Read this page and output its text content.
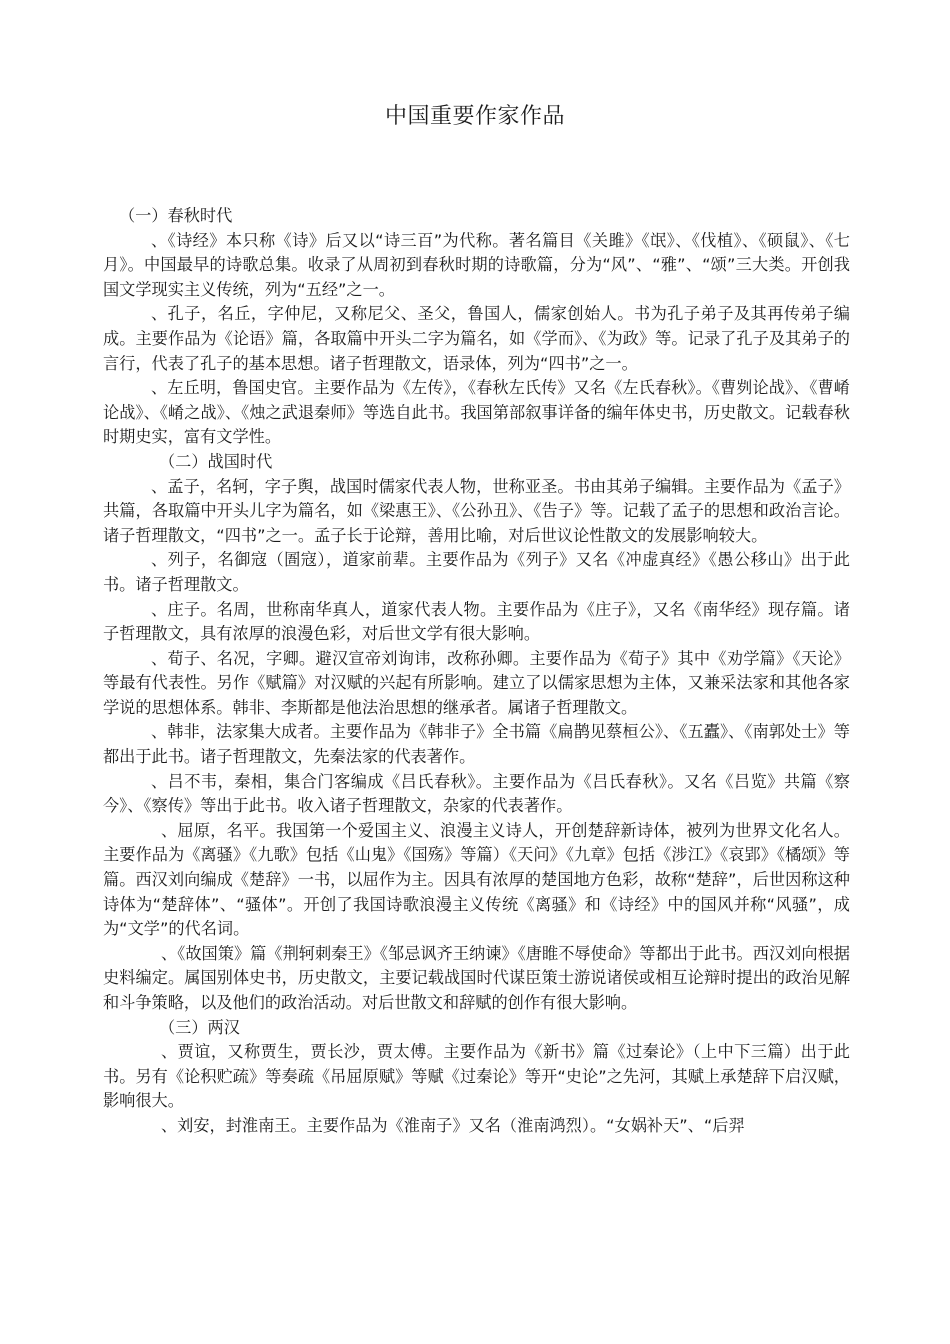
中国重要作家作品
（一）春秋时代

、《诗经》本只称《诗》后又以“诗三百”为代称。著名篇目《关雎》《氓》、《伐植》、《硕鼠》、《七月》。中国最早的诗歌总集。收录了从周初到春秋时期的诗歌篇，分为“风”、“雅”、“颂”三大类。开创我国文学现实主义传统，列为“五经”之一。

、孔子，名丘，字仲尼，又称尼父、圣父，鲁国人，儒家创始人。书为孔子弟子及其再传弟子编成。主要作品为《论语》篇，各取篇中开头二字为篇名，如《学而》、《为政》等。记录了孔子及其弟子的言行，代表了孔子的基本思想。诸子哲理散文，语录体，列为“四书”之一。

、左丘明，鲁国史官。主要作品为《左传》，《春秋左氏传》又名《左氏春秋》。《曹刿论战》、《曹崤论战》、《崤之战》、《烛之武退秦师》等选自此书。我国第部叙事详备的编年体史书，历史散文。记载春秋时期史实，富有文学性。

（二）战国时代

、孟子，名轲，字子舆，战国时儒家代表人物，世称亚圣。书由其弟子编辑。主要作品为《孟子》共篇，各取篇中开头儿字为篇名，如《梁惠王》、《公孙丑》、《告子》等。记载了孟子的思想和政治言论。诸子哲理散文，“四书”之一。孟子长于论辩，善用比喻，对后世议论性散文的发展影响较大。

、列子，名御寇（圄寇），道家前辈。主要作品为《列子》又名《冲虚真经》《愚公移山》出于此书。诸子哲理散文。

、庄子。名周，世称南华真人，道家代表人物。主要作品为《庄子》，又名《南华经》现存篇。诸子哲理散文，具有浓厚的浪漫色彩，对后世文学有很大影响。

、荀子、名况，字卿。避汉宣帝刘询讳，改称孙卿。主要作品为《荀子》其中《劝学篇》《天论》等最有代表性。另作《赋篇》对汉赋的兴起有所影响。建立了以儒家思想为主体，又兼采法家和其他各家学说的思想体系。韩非、李斯都是他法治思想的继承者。属诸子哲理散文。

、韩非，法家集大成者。主要作品为《韩非子》全书篇《扁鹊见蔡桓公》、《五蠹》、《南郭处士》等都出于此书。诸子哲理散文，先秦法家的代表著作。

、吕不韦，秦相，集合门客编成《吕氏春秋》。主要作品为《吕氏春秋》。又名《吕览》共篇《察今》、《察传》等出于此书。收入诸子哲理散文，杂家的代表著作。

、屈原，名平。我国第一个爱国主义、浪漫主义诗人，开创楚辞新诗体，被列为世界文化名人。主要作品为《离骚》《九歌》包括《山鬼》《国殇》等篇）《天问》《九章》包括《涉江》《哀郢》《橘颂》等篇。西汉刘向编成《楚辞》一书，以屈作为主。因具有浓厚的楚国地方色彩，故称“楚辞”，后世因称这种诗体为“楚辞体”、“骚体”。开创了我国诗歌浪漫主义传统《离骚》和《诗经》中的国风并称“风骚”，成为“文学”的代名词。

、《故国策》篇《荆轲刺秦王》《邹忌讽齐王纳谏》《唐睢不辱使命》等都出于此书。西汉刘向根据史料编定。属国别体史书，历史散文，主要记载战国时代谋臣策士游说诸侯或相互论辩时提出的政治见解和斗争策略，以及他们的政治活动。对后世散文和辞赋的创作有很大影响。

（三）两汉

、贾谊，又称贾生，贾长沙，贾太傅。主要作品为《新书》篇《过秦论》（上中下三篇）出于此书。另有《论积贮疏》等奏疏《吊屈原赋》等赋《过秦论》等开“史论”之先河，其赋上承楚辞下启汉赋，影响很大。

、刘安，封淮南王。主要作品为《淮南子》又名（淮南鸿烈）。“女娲补天”、“后羿
